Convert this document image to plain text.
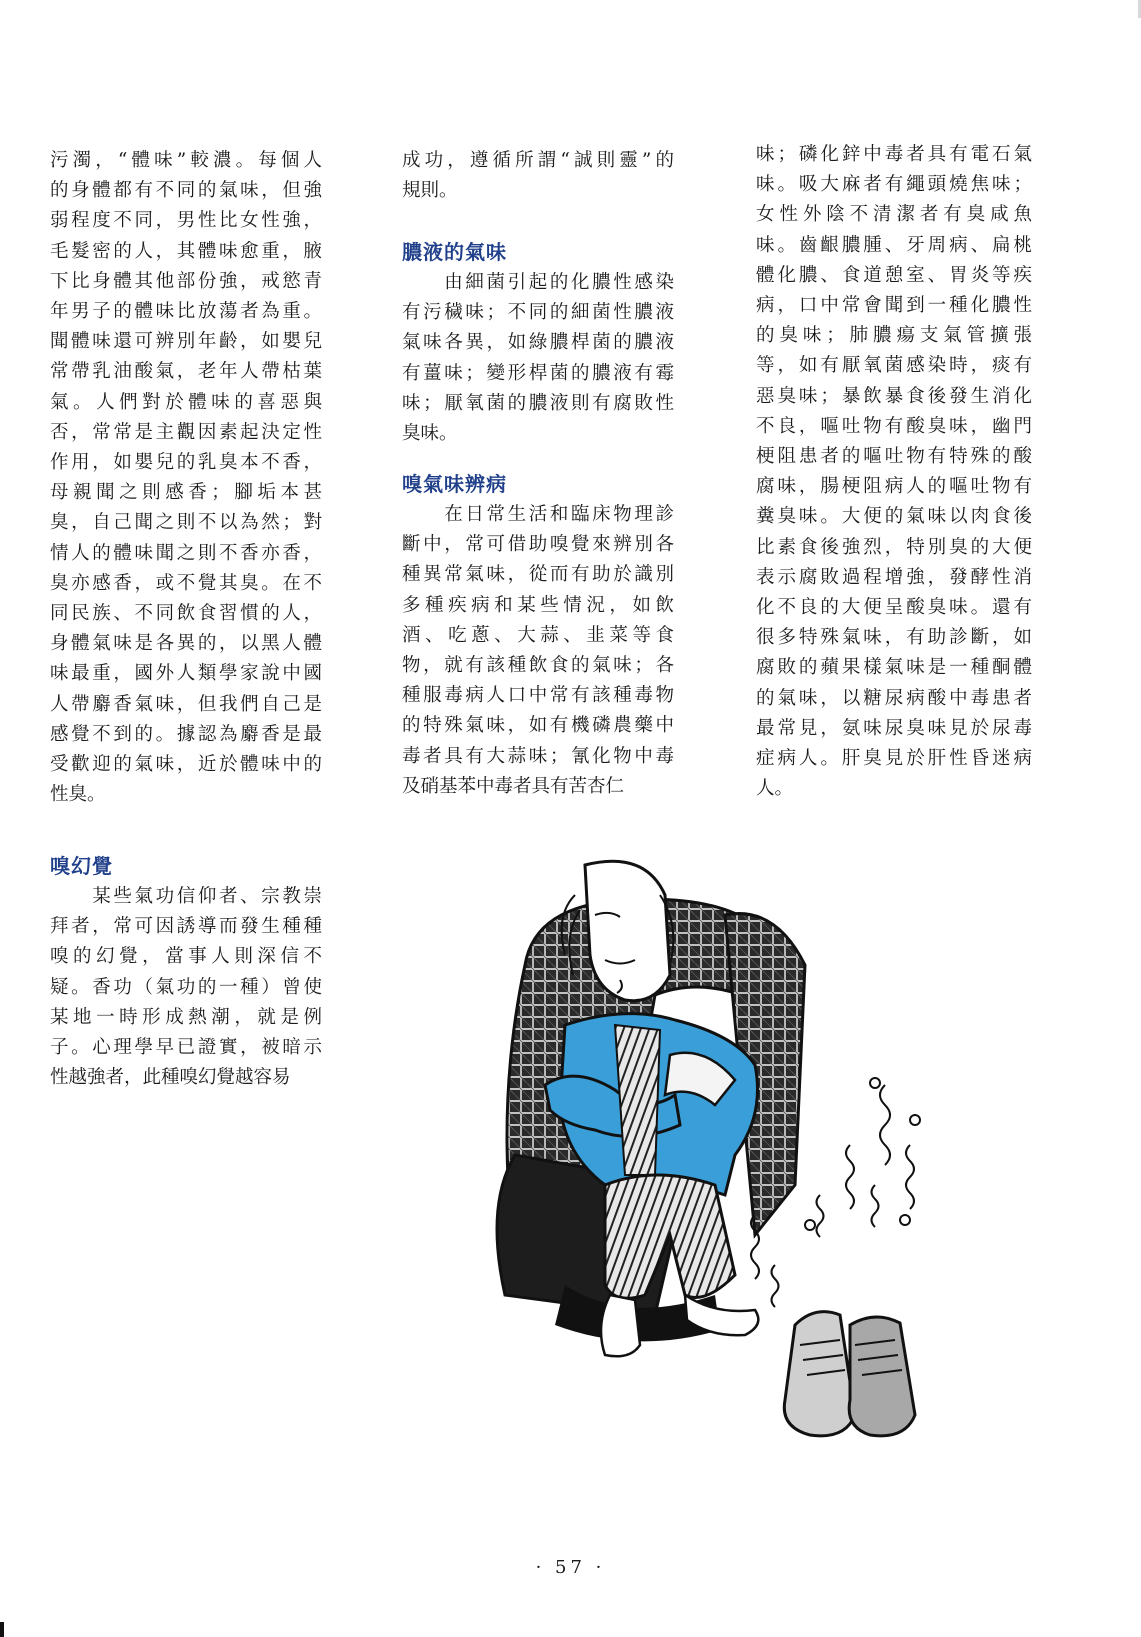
污濁，“體味”較濃。每個人
的身體都有不同的氣味，但強
弱程度不同，男性比女性強，
毛髮密的人，其體味愈重，腋
下比身體其他部份強，戒慾青
年男子的體味比放蕩者為重。
聞體味還可辨別年齡，如嬰兒
常帶乳油酸氣，老年人帶枯葉
氣。人們對於體味的喜惡與
否，常常是主觀因素起決定性
作用，如嬰兒的乳臭本不香，
母親聞之則感香；腳垢本甚
臭，自己聞之則不以為然；對
情人的體味聞之則不香亦香，
臭亦感香，或不覺其臭。在不
同民族、不同飲食習慣的人，
身體氣味是各異的，以黑人體
味最重，國外人類學家說中國
人帶麝香氣味，但我們自己是
感覺不到的。據認為麝香是最
受歡迎的氣味，近於體味中的
性臭。
嗅幻覺
　　某些氣功信仰者、宗教崇
拜者，常可因誘導而發生種種
嗅的幻覺，當事人則深信不
疑。香功（氣功的一種）曾使
某地一時形成熱潮，就是例
子。心理學早已證實，被暗示
性越強者，此種嗅幻覺越容易
成功，遵循所謂“誠則靈”的
規則。
膿液的氣味
　　由細菌引起的化膿性感染
有污穢味；不同的細菌性膿液
氣味各異，如綠膿桿菌的膿液
有薑味；變形桿菌的膿液有霉
味；厭氧菌的膿液則有腐敗性
臭味。
嗅氣味辨病
　　在日常生活和臨床物理診
斷中，常可借助嗅覺來辨別各
種異常氣味，從而有助於識別
多種疾病和某些情況，如飲
酒、吃蔥、大蒜、韭菜等食
物，就有該種飲食的氣味；各
種服毒病人口中常有該種毒物
的特殊氣味，如有機磷農藥中
毒者具有大蒜味；氰化物中毒
及硝基苯中毒者具有苦杏仁
味；磷化鋅中毒者具有電石氣
味。吸大麻者有繩頭燒焦味；
女性外陰不清潔者有臭咸魚
味。齒齦膿腫、牙周病、扁桃
體化膿、食道憩室、胃炎等疾
病，口中常會聞到一種化膿性
的臭味；肺膿瘍支氣管擴張
等，如有厭氧菌感染時，痰有
惡臭味；暴飲暴食後發生消化
不良，嘔吐物有酸臭味，幽門
梗阻患者的嘔吐物有特殊的酸
腐味，腸梗阻病人的嘔吐物有
糞臭味。大便的氣味以肉食後
比素食後強烈，特別臭的大便
表示腐敗過程增強，發酵性消
化不良的大便呈酸臭味。還有
很多特殊氣味，有助診斷，如
腐敗的蘋果樣氣味是一種酮體
的氣味，以糖尿病酸中毒患者
最常見，氨味尿臭味見於尿毒
症病人。肝臭見於肝性昏迷病
人。
· 57 ·
